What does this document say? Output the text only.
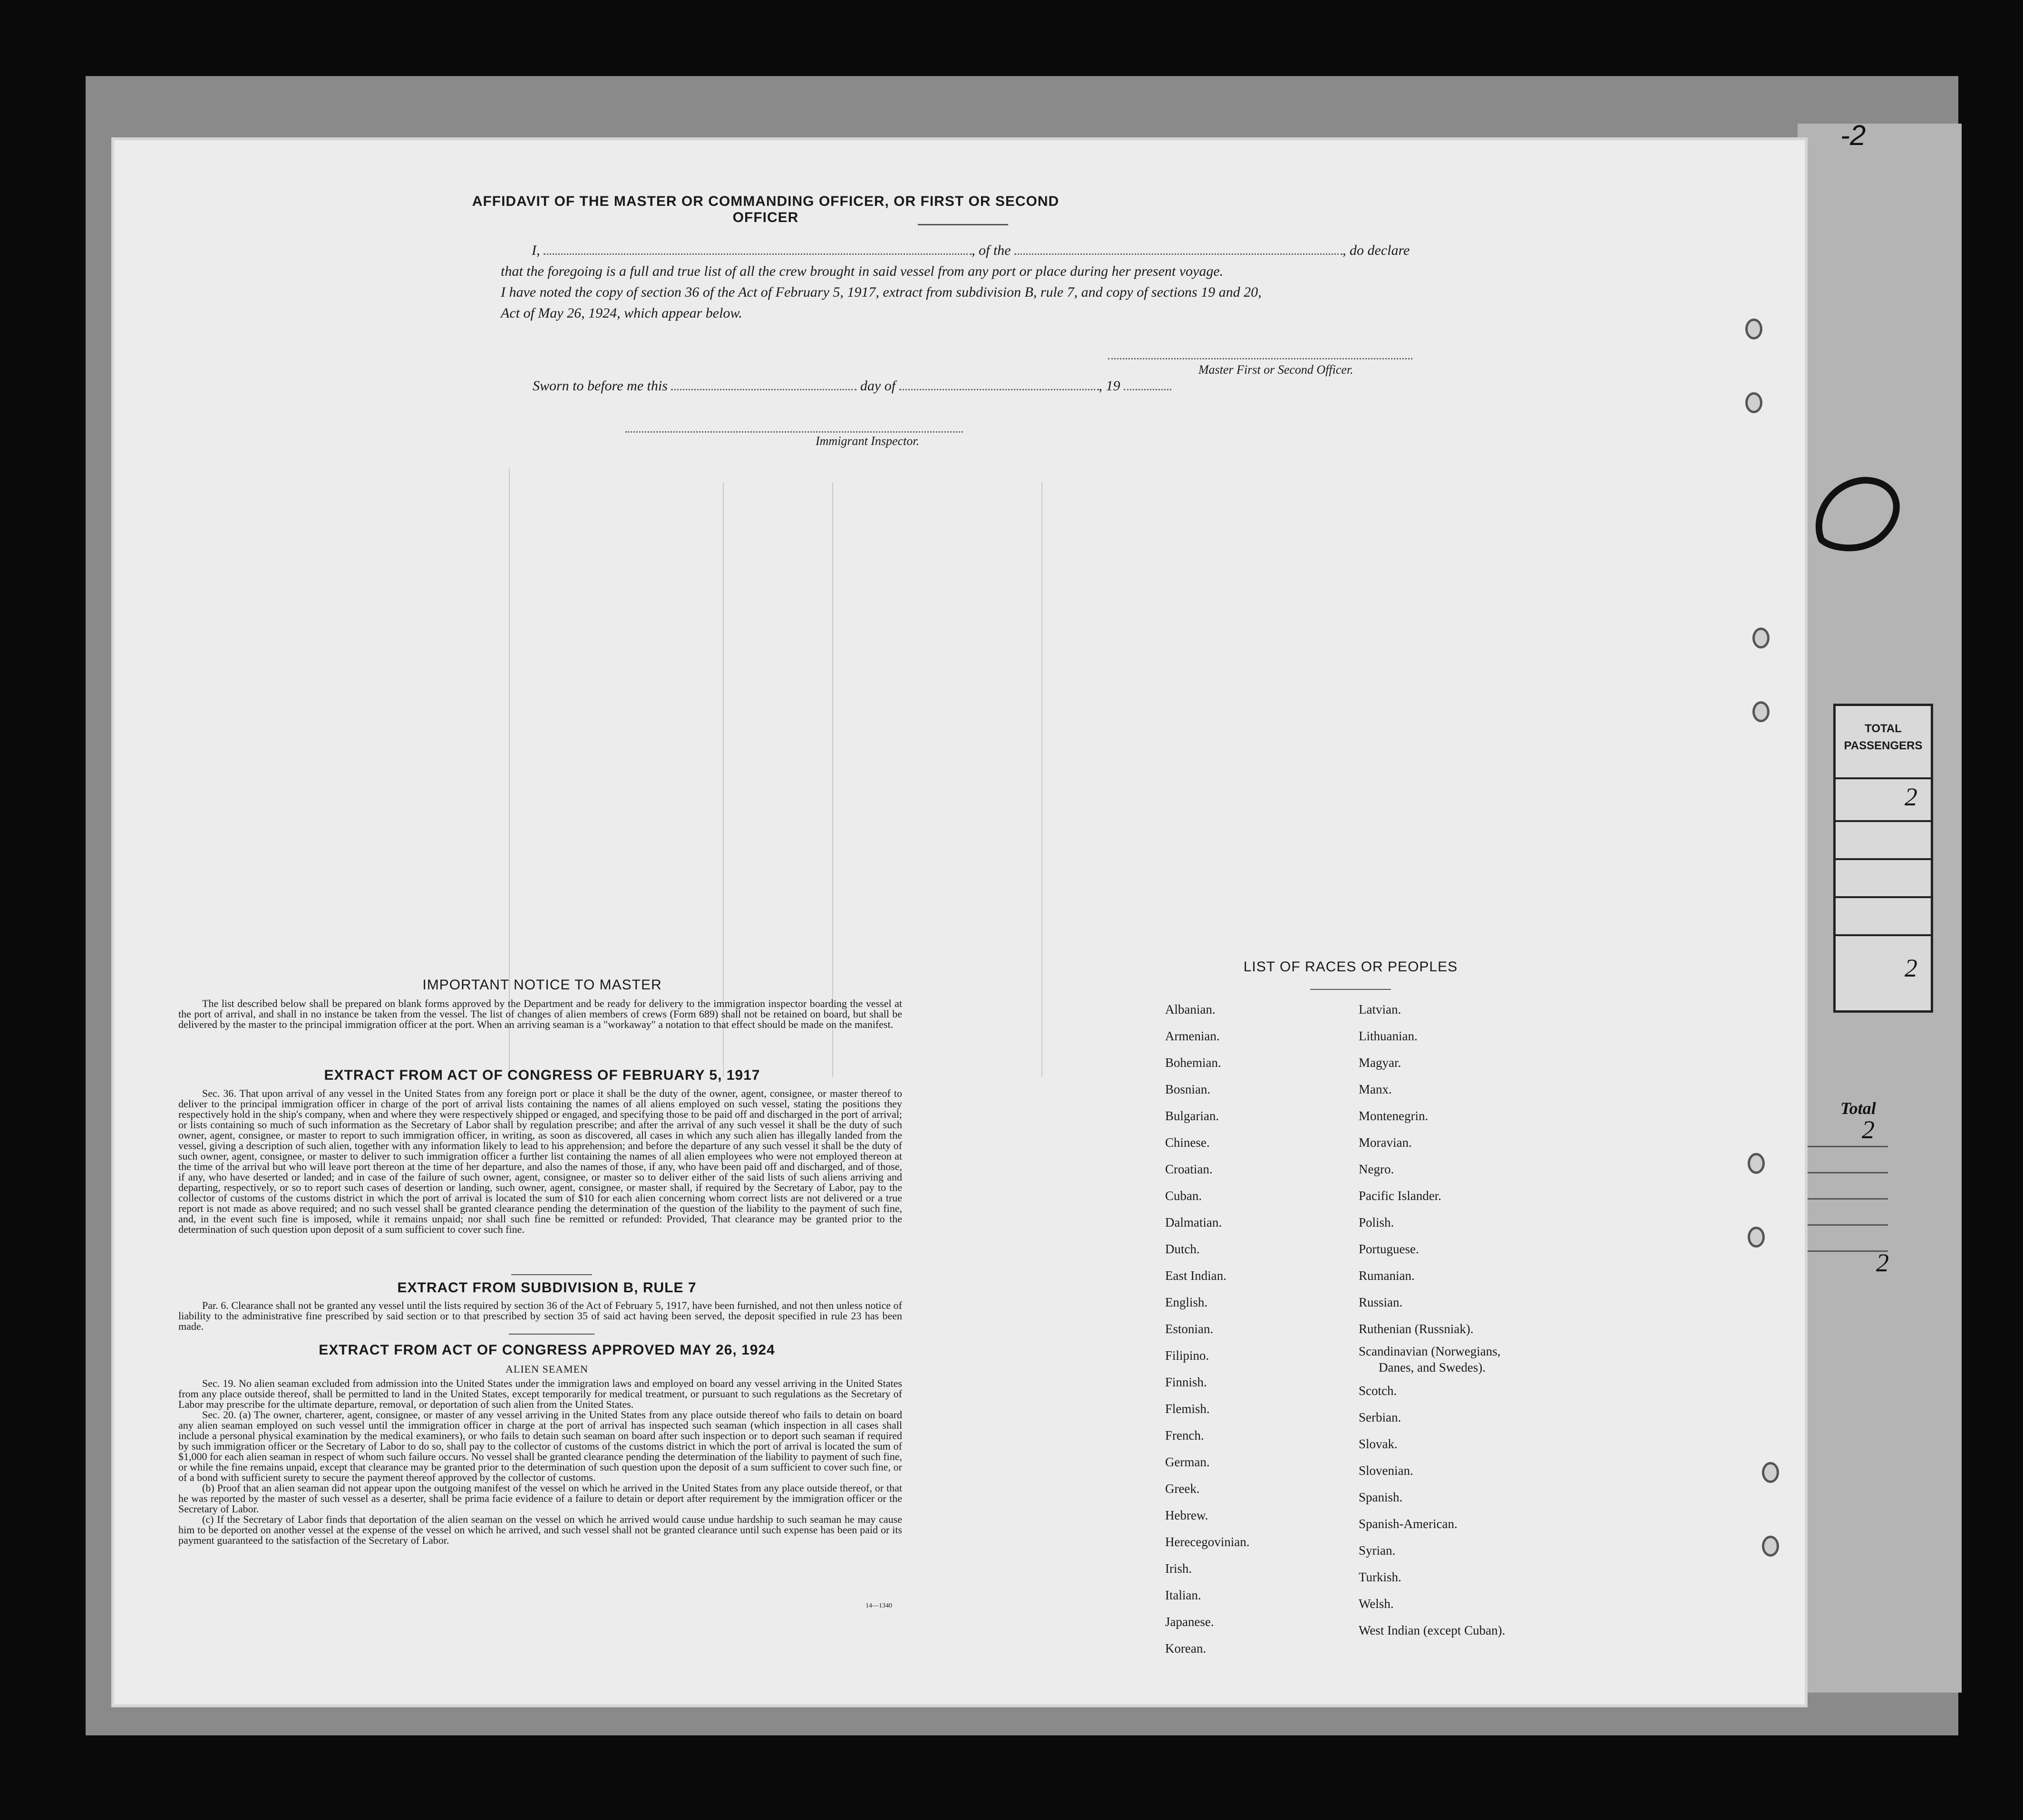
-2
TOTAL
PASSENGERS
2
2
Total
2
2
AFFIDAVIT OF THE MASTER OR COMMANDING OFFICER, OR FIRST OR SECOND OFFICER
I,	, of the	, do declare
that the foregoing is a full and true list of all the crew brought in said vessel from any port or place during her present voyage.
I have noted the copy of section 36 of the Act of February 5, 1917, extract from subdivision B, rule 7, and copy of sections 19 and 20,
Act of May 26, 1924, which appear below.
Master First or Second Officer.
Sworn to before me this	day of	, 19
Immigrant Inspector.
IMPORTANT NOTICE TO MASTER
The list described below shall be prepared on blank forms approved by the Department and be ready for delivery to the immigration inspector boarding the vessel at the port of arrival, and shall in no instance be taken from the vessel. The list of changes of alien members of crews (Form 689) shall not be retained on board, but shall be delivered by the master to the principal immigration officer at the port. When an arriving seaman is a "workaway" a notation to that effect should be made on the manifest.
EXTRACT FROM ACT OF CONGRESS OF FEBRUARY 5, 1917
Sec. 36. That upon arrival of any vessel in the United States from any foreign port or place it shall be the duty of the owner, agent, consignee, or master thereof to deliver to the principal immigration officer in charge of the port of arrival lists containing the names of all aliens employed on such vessel, stating the positions they respectively hold in the ship's company, when and where they were respectively shipped or engaged, and specifying those to be paid off and discharged in the port of arrival; or lists containing so much of such information as the Secretary of Labor shall by regulation prescribe; and after the arrival of any such vessel it shall be the duty of such owner, agent, consignee, or master to report to such immigration officer, in writing, as soon as discovered, all cases in which any such alien has illegally landed from the vessel, giving a description of such alien, together with any information likely to lead to his apprehension; and before the departure of any such vessel it shall be the duty of such owner, agent, consignee, or master to deliver to such immigration officer a further list containing the names of all alien employees who were not employed thereon at the time of the arrival but who will leave port thereon at the time of her departure, and also the names of those, if any, who have been paid off and discharged, and of those, if any, who have deserted or landed; and in case of the failure of such owner, agent, consignee, or master so to deliver either of the said lists of such aliens arriving and departing, respectively, or so to report such cases of desertion or landing, such owner, agent, consignee, or master shall, if required by the Secretary of Labor, pay to the collector of customs of the customs district in which the port of arrival is located the sum of $10 for each alien concerning whom correct lists are not delivered or a true report is not made as above required; and no such vessel shall be granted clearance pending the determination of the question of the liability to the payment of such fine, and, in the event such fine is imposed, while it remains unpaid; nor shall such fine be remitted or refunded: Provided, That clearance may be granted prior to the determination of such question upon deposit of a sum sufficient to cover such fine.
EXTRACT FROM SUBDIVISION B, RULE 7
Par. 6. Clearance shall not be granted any vessel until the lists required by section 36 of the Act of February 5, 1917, have been furnished, and not then unless notice of liability to the administrative fine prescribed by said section or to that prescribed by section 35 of said act having been served, the deposit specified in rule 23 has been made.
EXTRACT FROM ACT OF CONGRESS APPROVED MAY 26, 1924
ALIEN SEAMEN
Sec. 19. No alien seaman excluded from admission into the United States under the immigration laws and employed on board any vessel arriving in the United States from any place outside thereof, shall be permitted to land in the United States, except temporarily for medical treatment, or pursuant to such regulations as the Secretary of Labor may prescribe for the ultimate departure, removal, or deportation of such alien from the United States.
Sec. 20. (a) The owner, charterer, agent, consignee, or master of any vessel arriving in the United States from any place outside thereof who fails to detain on board any alien seaman employed on such vessel until the immigration officer in charge at the port of arrival has inspected such seaman (which inspection in all cases shall include a personal physical examination by the medical examiners), or who fails to detain such seaman on board after such inspection or to deport such seaman if required by such immigration officer or the Secretary of Labor to do so, shall pay to the collector of customs of the customs district in which the port of arrival is located the sum of $1,000 for each alien seaman in respect of whom such failure occurs. No vessel shall be granted clearance pending the determination of the liability to payment of such fine, or while the fine remains unpaid, except that clearance may be granted prior to the determination of such question upon the deposit of a sum sufficient to cover such fine, or of a bond with sufficient surety to secure the payment thereof approved by the collector of customs.
(b) Proof that an alien seaman did not appear upon the outgoing manifest of the vessel on which he arrived in the United States from any place outside thereof, or that he was reported by the master of such vessel as a deserter, shall be prima facie evidence of a failure to detain or deport after requirement by the immigration officer or the Secretary of Labor.
(c) If the Secretary of Labor finds that deportation of the alien seaman on the vessel on which he arrived would cause undue hardship to such seaman he may cause him to be deported on another vessel at the expense of the vessel on which he arrived, and such vessel shall not be granted clearance until such expense has been paid or its payment guaranteed to the satisfaction of the Secretary of Labor.
14—1340
LIST OF RACES OR PEOPLES
Albanian.
Armenian.
Bohemian.
Bosnian.
Bulgarian.
Chinese.
Croatian.
Cuban.
Dalmatian.
Dutch.
East Indian.
English.
Estonian.
Filipino.
Finnish.
Flemish.
French.
German.
Greek.
Hebrew.
Herecegovinian.
Irish.
Italian.
Japanese.
Korean.
Latvian.
Lithuanian.
Magyar.
Manx.
Montenegrin.
Moravian.
Negro.
Pacific Islander.
Polish.
Portuguese.
Rumanian.
Russian.
Ruthenian (Russniak).
Scandinavian (Norwegians,
Danes, and Swedes).
Scotch.
Serbian.
Slovak.
Slovenian.
Spanish.
Spanish-American.
Syrian.
Turkish.
Welsh.
West Indian (except Cuban).
